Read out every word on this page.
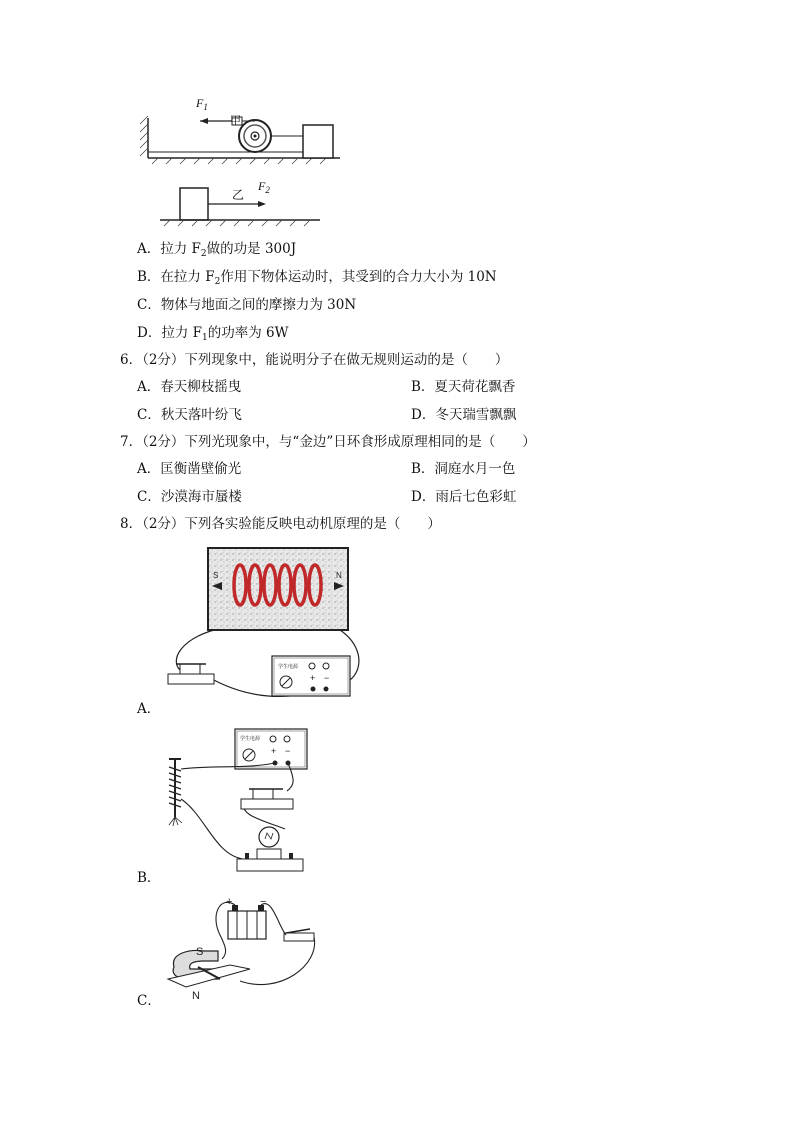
$F_1$
甲
乙
$F_2$
A．拉力 $F_2$做的功是 300J
B．在拉力 $F_2$作用下物体运动时，其受到的合力大小为 10N
C．物体与地面之间的摩擦力为 30N
D．拉力 $F_1$的功率为 6W
6．（2分）下列现象中，能说明分子在做无规则运动的是（　　）
A．春天柳枝摇曳	B．夏天荷花飘香
C．秋天落叶纷飞	D．冬天瑞雪飘飘
7．（2分）下列光现象中，与“金边”日环食形成原理相同的是（　　）
A．匡衡凿壁偷光	B．洞庭水月一色
C．沙漠海市蜃楼	D．雨后七色彩虹
8．（2分）下列各实验能反映电动机原理的是（　　）
S	N
学生电源
+ −
A．
学生电源
+ −
B．
+	−
S
N
C．
